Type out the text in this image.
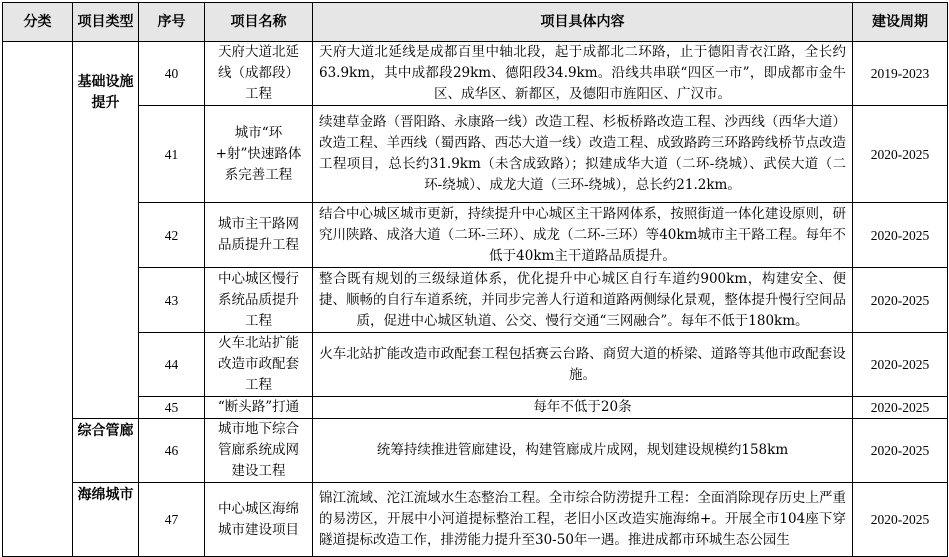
分类	项目类型	序号	项目名称	项目具体内容	建设周期
	基础设施提升	40	天府大道北延线（成都段）工程	天府大道北延线是成都百里中轴北段，起于成都北二环路，止于德阳青衣江路，全长约63.9km，其中成都段29km、德阳段34.9km。沿线共串联“四区一市”，即成都市金牛区、成华区、新都区，及德阳市旌阳区、广汉市。	2019-2023
		41	城市“环+射”快速路体系完善工程	续建草金路（晋阳路、永康路一线）改造工程、杉板桥路改造工程、沙西线（西华大道）改造工程、羊西线（蜀西路、西芯大道一线）改造工程、成致路跨三环路跨线桥节点改造工程项目，总长约31.9km（未含成致路）；拟建成华大道（二环-绕城）、武侯大道（二环-绕城）、成龙大道（三环-绕城），总长约21.2km。	2020-2025
		42	城市主干路网品质提升工程	结合中心城区城市更新，持续提升中心城区主干路网体系，按照街道一体化建设原则，研究川陕路、成洛大道（二环-三环）、成龙（二环-三环）等40km城市主干路工程。每年不低于40km主干道路品质提升。	2020-2025
		43	中心城区慢行系统品质提升工程	整合既有规划的三级绿道体系，优化提升中心城区自行车道约900km，构建安全、便捷、顺畅的自行车道系统，并同步完善人行道和道路两侧绿化景观，整体提升慢行空间品质，促进中心城区轨道、公交、慢行交通“三网融合”。每年不低于180km。	2020-2025
		44	火车北站扩能改造市政配套工程	火车北站扩能改造市政配套工程包括赛云台路、商贸大道的桥梁、道路等其他市政配套设施。	2020-2025
		45	“断头路”打通	每年不低于20条	2020-2025
	综合管廊	46	城市地下综合管廊系统成网建设工程	统筹持续推进管廊建设，构建管廊成片成网，规划建设规模约158km	2020-2025
	海绵城市	47	中心城区海绵城市建设项目	锦江流域、沱江流域水生态整治工程。全市综合防涝提升工程：全面消除现存历史上严重的易涝区，开展中小河道提标整治工程，老旧小区改造实施海绵+。开展全市104座下穿隧道提标改造工作，排涝能力提升至30-50年一遇。推进成都市环城生态公园生	2020-2025
